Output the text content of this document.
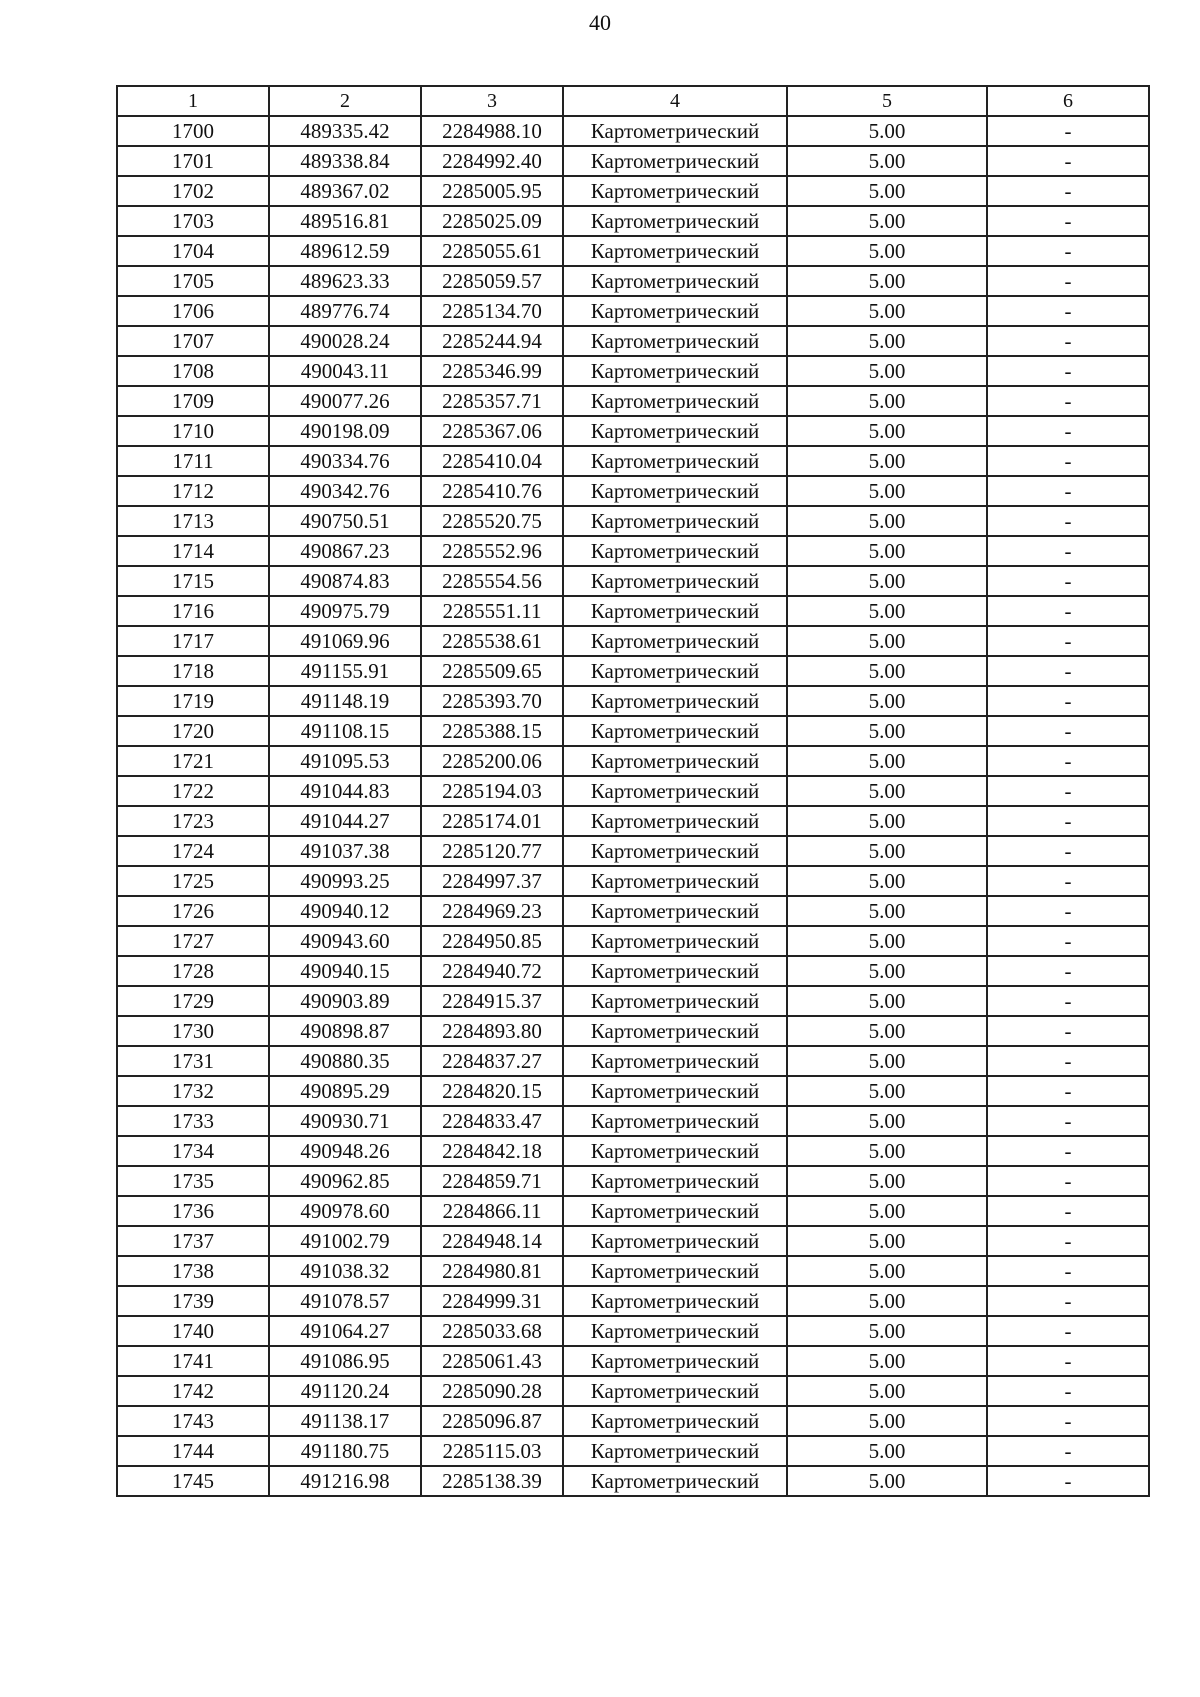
40
1	2	3	4	5	6
1700	489335.42	2284988.10	Картометрический	5.00	-
1701	489338.84	2284992.40	Картометрический	5.00	-
1702	489367.02	2285005.95	Картометрический	5.00	-
1703	489516.81	2285025.09	Картометрический	5.00	-
1704	489612.59	2285055.61	Картометрический	5.00	-
1705	489623.33	2285059.57	Картометрический	5.00	-
1706	489776.74	2285134.70	Картометрический	5.00	-
1707	490028.24	2285244.94	Картометрический	5.00	-
1708	490043.11	2285346.99	Картометрический	5.00	-
1709	490077.26	2285357.71	Картометрический	5.00	-
1710	490198.09	2285367.06	Картометрический	5.00	-
1711	490334.76	2285410.04	Картометрический	5.00	-
1712	490342.76	2285410.76	Картометрический	5.00	-
1713	490750.51	2285520.75	Картометрический	5.00	-
1714	490867.23	2285552.96	Картометрический	5.00	-
1715	490874.83	2285554.56	Картометрический	5.00	-
1716	490975.79	2285551.11	Картометрический	5.00	-
1717	491069.96	2285538.61	Картометрический	5.00	-
1718	491155.91	2285509.65	Картометрический	5.00	-
1719	491148.19	2285393.70	Картометрический	5.00	-
1720	491108.15	2285388.15	Картометрический	5.00	-
1721	491095.53	2285200.06	Картометрический	5.00	-
1722	491044.83	2285194.03	Картометрический	5.00	-
1723	491044.27	2285174.01	Картометрический	5.00	-
1724	491037.38	2285120.77	Картометрический	5.00	-
1725	490993.25	2284997.37	Картометрический	5.00	-
1726	490940.12	2284969.23	Картометрический	5.00	-
1727	490943.60	2284950.85	Картометрический	5.00	-
1728	490940.15	2284940.72	Картометрический	5.00	-
1729	490903.89	2284915.37	Картометрический	5.00	-
1730	490898.87	2284893.80	Картометрический	5.00	-
1731	490880.35	2284837.27	Картометрический	5.00	-
1732	490895.29	2284820.15	Картометрический	5.00	-
1733	490930.71	2284833.47	Картометрический	5.00	-
1734	490948.26	2284842.18	Картометрический	5.00	-
1735	490962.85	2284859.71	Картометрический	5.00	-
1736	490978.60	2284866.11	Картометрический	5.00	-
1737	491002.79	2284948.14	Картометрический	5.00	-
1738	491038.32	2284980.81	Картометрический	5.00	-
1739	491078.57	2284999.31	Картометрический	5.00	-
1740	491064.27	2285033.68	Картометрический	5.00	-
1741	491086.95	2285061.43	Картометрический	5.00	-
1742	491120.24	2285090.28	Картометрический	5.00	-
1743	491138.17	2285096.87	Картометрический	5.00	-
1744	491180.75	2285115.03	Картометрический	5.00	-
1745	491216.98	2285138.39	Картометрический	5.00	-
